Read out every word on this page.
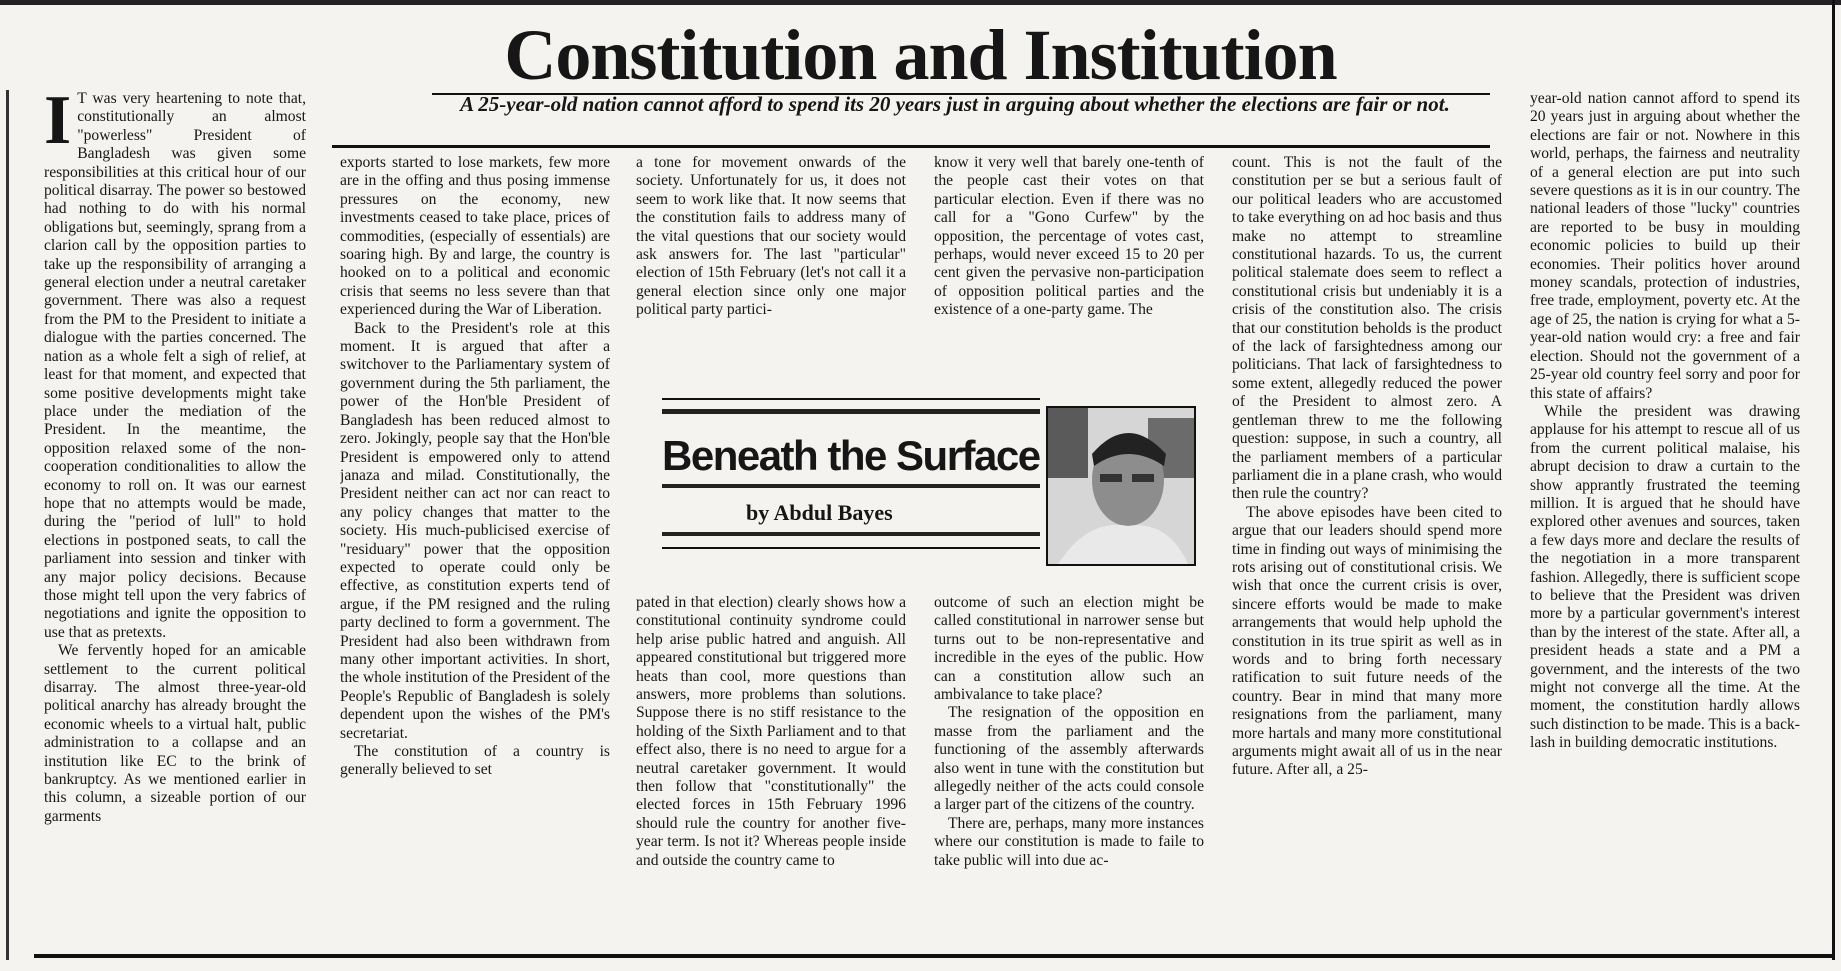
Constitution and Institution

A 25-year-old nation cannot afford to spend its 20 years just in arguing about whether the elections are fair or not.

I T was very heartening to note that, constitutionally an almost "powerless" President of Bangladesh was given some responsibilities at this critical hour of our political disarray. The power so bestowed had nothing to do with his normal obligations but, seemingly, sprang from a clarion call by the opposition parties to take up the responsibility of arranging a general election under a neutral caretaker government. There was also a request from the PM to the President to initiate a dialogue with the parties concerned. The nation as a whole felt a sigh of relief, at least for that moment, and expected that some positive developments might take place under the mediation of the President. In the meantime, the opposition relaxed some of the non-cooperation conditionalities to allow the economy to roll on. It was our earnest hope that no attempts would be made, during the "period of lull" to hold elections in postponed seats, to call the parliament into session and tinker with any major policy decisions. Because those might tell upon the very fabrics of negotiations and ignite the opposition to use that as pretexts.

We fervently hoped for an amicable settlement to the current political disarray. The almost three-year-old political anarchy has already brought the economic wheels to a virtual halt, public administration to a collapse and an institution like EC to the brink of bankruptcy. As we mentioned earlier in this column, a sizeable portion of our garments

exports started to lose markets, few more are in the offing and thus posing immense pressures on the economy, new investments ceased to take place, prices of commodities, (especially of essentials) are soaring high. By and large, the country is hooked on to a political and economic crisis that seems no less severe than that experienced during the War of Liberation.

Back to the President's role at this moment. It is argued that after a switchover to the Parliamentary system of government during the 5th parliament, the power of the Hon'ble President of Bangladesh has been reduced almost to zero. Jokingly, people say that the Hon'ble President is empowered only to attend janaza and milad. Constitutionally, the President neither can act nor can react to any policy changes that matter to the society. His much-publicised exercise of "residuary" power that the opposition expected to operate could only be effective, as constitution experts tend of argue, if the PM resigned and the ruling party declined to form a government. The President had also been withdrawn from many other important activities. In short, the whole institution of the President of the People's Republic of Bangladesh is solely dependent upon the wishes of the PM's secretariat.

The constitution of a country is generally believed to set

a tone for movement onwards of the society. Unfortunately for us, it does not seem to work like that. It now seems that the constitution fails to address many of the vital questions that our society would ask answers for. The last "particular" election of 15th February (let's not call it a general election since only one major political party partici-

know it very well that barely one-tenth of the people cast their votes on that particular election. Even if there was no call for a "Gono Curfew" by the opposition, the percentage of votes cast, perhaps, would never exceed 15 to 20 per cent given the pervasive non-participation of opposition political parties and the existence of a one-party game. The

Beneath the Surface
by Abdul Bayes

pated in that election) clearly shows how a constitutional continuity syndrome could help arise public hatred and anguish. All appeared constitutional but triggered more heats than cool, more questions than answers, more problems than solutions. Suppose there is no stiff resistance to the holding of the Sixth Parliament and to that effect also, there is no need to argue for a neutral caretaker government. It would then follow that "constitutionally" the elected forces in 15th February 1996 should rule the country for another five-year term. Is not it? Whereas people inside and outside the country came to

outcome of such an election might be called constitutional in narrower sense but turns out to be non-representative and incredible in the eyes of the public. How can a constitution allow such an ambivalance to take place?

The resignation of the opposition en masse from the parliament and the functioning of the assembly afterwards also went in tune with the constitution but allegedly neither of the acts could console a larger part of the citizens of the country.

There are, perhaps, many more instances where our constitution is made to faile to take public will into due ac-

count. This is not the fault of the constitution per se but a serious fault of our political leaders who are accustomed to take everything on ad hoc basis and thus make no attempt to streamline constitutional hazards. To us, the current political stalemate does seem to reflect a constitutional crisis but undeniably it is a crisis of the constitution also. The crisis that our constitution beholds is the product of the lack of farsightedness among our politicians. That lack of farsightedness to some extent, allegedly reduced the power of the President to almost zero. A gentleman threw to me the following question: suppose, in such a country, all the parliament members of a particular parliament die in a plane crash, who would then rule the country?

The above episodes have been cited to argue that our leaders should spend more time in finding out ways of minimising the rots arising out of constitutional crisis. We wish that once the current crisis is over, sincere efforts would be made to make arrangements that would help uphold the constitution in its true spirit as well as in words and to bring forth necessary ratification to suit future needs of the country. Bear in mind that many more resignations from the parliament, many more hartals and many more constitutional arguments might await all of us in the near future. After all, a 25-

year-old nation cannot afford to spend its 20 years just in arguing about whether the elections are fair or not. Nowhere in this world, perhaps, the fairness and neutrality of a general election are put into such severe questions as it is in our country. The national leaders of those "lucky" countries are reported to be busy in moulding economic policies to build up their economies. Their politics hover around money scandals, protection of industries, free trade, employment, poverty etc. At the age of 25, the nation is crying for what a 5-year-old nation would cry: a free and fair election. Should not the government of a 25-year old country feel sorry and poor for this state of affairs?

While the president was drawing applause for his attempt to rescue all of us from the current political malaise, his abrupt decision to draw a curtain to the show apprantly frustrated the teeming million. It is argued that he should have explored other avenues and sources, taken a few days more and declare the results of the negotiation in a more transparent fashion. Allegedly, there is sufficient scope to believe that the President was driven more by a particular government's interest than by the interest of the state. After all, a president heads a state and a PM a government, and the interests of the two might not converge all the time. At the moment, the constitution hardly allows such distinction to be made. This is a back-lash in building democratic institutions.
